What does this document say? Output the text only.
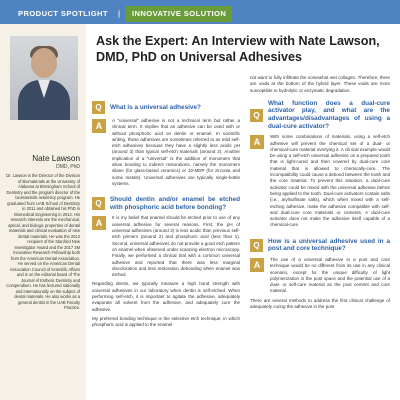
PRODUCT SPOTLIGHT	|	INNOVATIVE SOLUTION
Nate Lawson
DMD, PhD
Dr. Lawson is the Director of the Division of Biomaterials at the University of Alabama at Birmingham School of Dentistry and the program director of the biomaterials residency program. He graduated from UAB School of Dentistry in 2011 and obtained his PhD in Biomedical Engineering in 2012. His research interests are the mechanical, optical, and biologic properties of dental materials and clinical evaluation of new dental materials. He was the 2012 recipient of the Stanford New Investigator Award and the 2017 3M Innovative Research Fellowship both from the American Dental Association. He served on the American Dental Association Council of Scientific Affairs and is on the editorial board of The Journal of Esthetic Dentistry and Compendium. He has lectured nationally and internationally on the subject of dental materials. He also works as a general dentist in the UAB Faculty Practice.
Ask the Expert: An Interview with Nate Lawson, DMD, PhD on Universal Adhesives
Q	What is a universal adhesive?
A

A "universal" adhesive is not a technical term but rather a clinical term. It implies that an adhesive can be used with or without phosphoric acid on dentin or enamel. In scientific writing, these adhesives are sometimes referred to as mild self-etch adhesives because they have a slightly less acidic pH (around 3) than typical self-etch materials (around 2). Another implication of a "universal" is the addition of monomers that allow bonding to indirect restorations, namely the monomers silane (for glass-based ceramics) or 10-MDP (for zirconia and some metals). Universal adhesives are typically single-bottle systems.

Q	Should dentin and/or enamel be etched with phosphoric acid before bonding?
A

It is my belief that enamel should be etched prior to use of any universal adhesive for several reasons. First, the pH of universal adhesives (around 3) is less acidic than previous self-etch primers (around 2) and phosphoric acid (less than 1). Second, universal adhesives do not provide a good etch pattern on enamel when observed under scanning electron microscopy. Finally, we performed a clinical trial with a common universal adhesive and reported that there was less marginal discoloration and less restoration debonding when enamel was etched.

Regarding dentin, we typically measure a high bond strength with universal adhesives in our laboratory when dentin is self-etched. When performing self-etch, it is important to agitate the adhesive, adequately evaporate all solvent from the adhesive, and adequately cure the adhesive.

My preferred bonding technique is the selective etch technique, in which phosphoric acid is applied to the enamel

not want to fully infiltrate the somewhat wet collagen. Therefore, there are voids at the bottom of the hybrid layer. These voids are more susceptible to hydrolytic or enzymatic degradation.

Q
What function does a dual-cure activator play, and what are the advantages/disadvantages of using a dual-cure activator?
A

With some combinations of materials, using a self-etch adhesive will prevent the chemical set of a dual- or chemical-cure material overlying it. A clinical example would be using a self-etch universal adhesive on a prepared tooth that is light-cured and then covered by dual-cure core material that is allowed to chemically-cure. The incompatibility could cause a debond between the tooth and the core material. To prevent this situation, a dual-cure activator could be mixed with the universal adhesive before being applied to the tooth. Dual-cure activators contain salts (i.e., arylsulfinate salts), which when mixed with a self-etching adhesive, make the adhesive compatible with self- and dual-cure core materials or cements. A dual-cure activator does not make the adhesive itself capable of a chemical-cure.

Q	How is a universal adhesive used in a post and core technique?
A

The use of a universal adhesive in a post and core technique would be no different from its use in any clinical scenario, except for the unique difficulty of light polymerization in the post space and the potential use of a dual- or self-cure material as the post cement and core material.

There are several methods to address the first clinical challenge of adequately curing the adhesive in the post
